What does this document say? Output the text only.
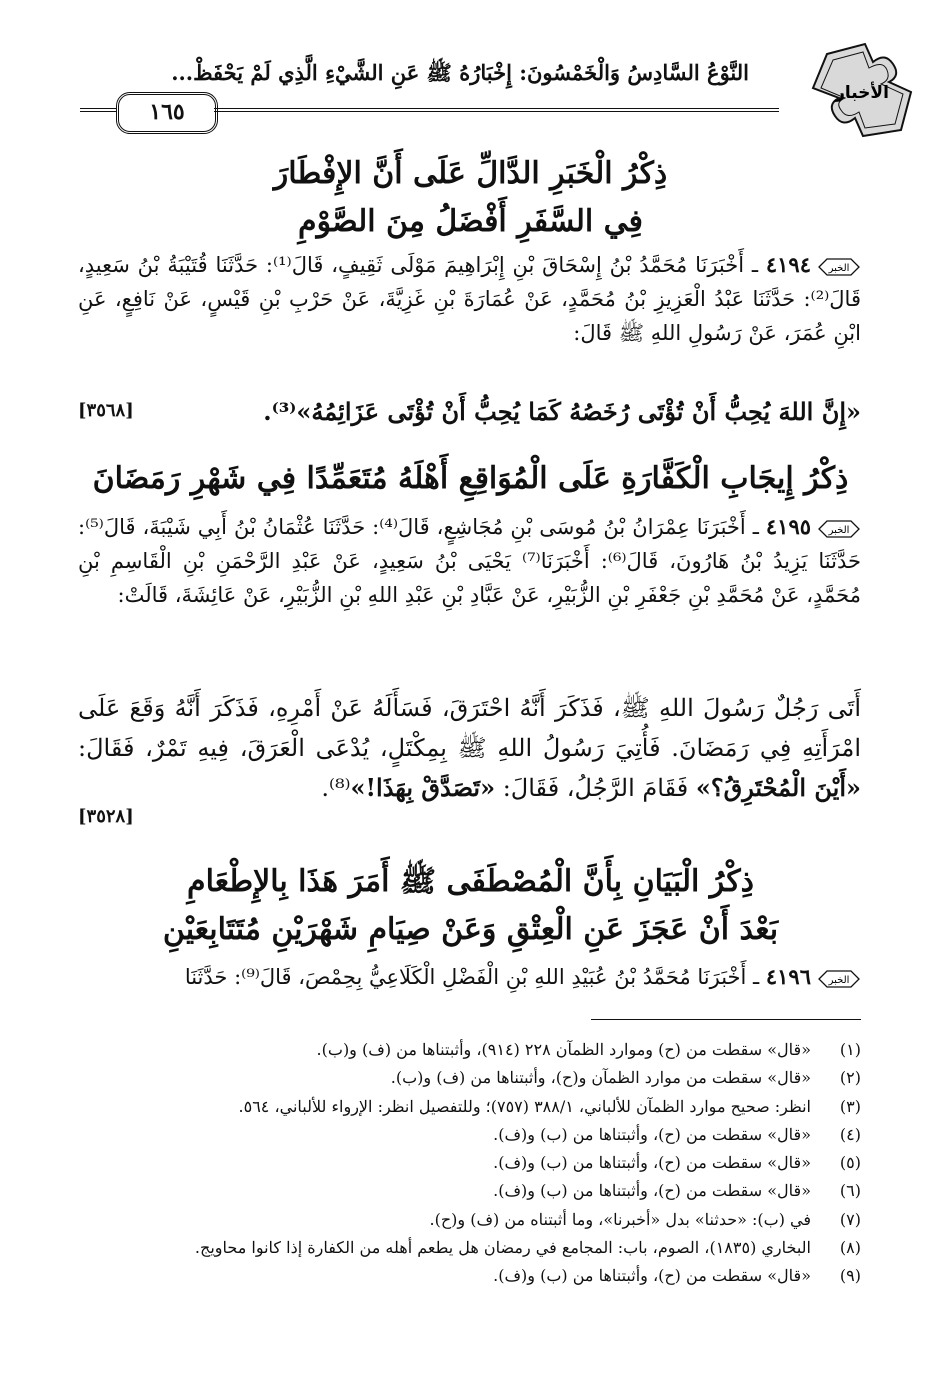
١٦٥
النَّوْعُ السَّادِسُ وَالْخَمْسُونَ: إِخْبَارُهُ ﷺ عَنِ الشَّيْءِ الَّذِي لَمْ يَحْفَظْ...
الأخبار
ذِكْرُ الْخَبَرِ الدَّالِّ عَلَى أَنَّ الإِفْطَارَ
فِي السَّفَرِ أَفْضَلُ مِنَ الصَّوْمِ
الخبر
٤١٩٤ ـ أَخْبَرَنَا مُحَمَّدُ بْنُ إِسْحَاقَ بْنِ إِبْرَاهِيمَ مَوْلَى ثَقِيفٍ، قَالَ⁽¹⁾: حَدَّثَنَا قُتَيْبَةُ بْنُ سَعِيدٍ، قَالَ⁽²⁾: حَدَّثَنَا عَبْدُ الْعَزِيزِ بْنُ مُحَمَّدٍ، عَنْ عُمَارَةَ بْنِ غَزِيَّةَ، عَنْ حَرْبِ بْنِ قَيْسٍ، عَنْ نَافِعٍ، عَنِ ابْنِ عُمَرَ، عَنْ رَسُولِ اللهِ ﷺ قَالَ:
«إِنَّ اللهَ يُحِبُّ أَنْ تُؤْتَى رُخَصُهُ كَمَا يُحِبُّ أَنْ تُؤْتَى عَزَائِمُهُ»⁽³⁾.
[٣٥٦٨]
ذِكْرُ إِيجَابِ الْكَفَّارَةِ عَلَى الْمُوَاقِعِ أَهْلَهُ مُتَعَمِّدًا فِي شَهْرِ رَمَضَانَ
الخبر
٤١٩٥ ـ أَخْبَرَنَا عِمْرَانُ بْنُ مُوسَى بْنِ مُجَاشِعٍ، قَالَ⁽⁴⁾: حَدَّثَنَا عُثْمَانُ بْنُ أَبِي شَيْبَةَ، قَالَ⁽⁵⁾: حَدَّثَنَا يَزِيدُ بْنُ هَارُونَ، قَالَ⁽⁶⁾: أَخْبَرَنَا⁽⁷⁾ يَحْيَى بْنُ سَعِيدٍ، عَنْ عَبْدِ الرَّحْمَنِ بْنِ الْقَاسِمِ بْنِ مُحَمَّدٍ، عَنْ مُحَمَّدِ بْنِ جَعْفَرِ بْنِ الزُّبَيْرِ، عَنْ عَبَّادِ بْنِ عَبْدِ اللهِ بْنِ الزُّبَيْرِ، عَنْ عَائِشَةَ، قَالَتْ:
أَتَى رَجُلٌ رَسُولَ اللهِ ﷺ، فَذَكَرَ أَنَّهُ احْتَرَقَ، فَسَأَلَهُ عَنْ أَمْرِهِ، فَذَكَرَ أَنَّهُ وَقَعَ عَلَى امْرَأَتِهِ فِي رَمَضَانَ. فَأُتِيَ رَسُولُ اللهِ ﷺ بِمِكْتَلٍ، يُدْعَى الْعَرَقَ، فِيهِ تَمْرٌ، فَقَالَ: «أَيْنَ الْمُحْتَرِقُ؟» فَقَامَ الرَّجُلُ، فَقَالَ: «تَصَدَّقْ بِهَذَا!»⁽⁸⁾.
[٣٥٢٨]
ذِكْرُ الْبَيَانِ بِأَنَّ الْمُصْطَفَى ﷺ أَمَرَ هَذَا بِالإِطْعَامِ
بَعْدَ أَنْ عَجَزَ عَنِ الْعِتْقِ وَعَنْ صِيَامِ شَهْرَيْنِ مُتَتَابِعَيْنِ
الخبر
٤١٩٦ ـ أَخْبَرَنَا مُحَمَّدُ بْنُ عُبَيْدِ اللهِ بْنِ الْفَضْلِ الْكَلَاعِيُّ بِحِمْصَ، قَالَ⁽⁹⁾: حَدَّثَنَا
(١)
«قال» سقطت من (ح) وموارد الظمآن ٢٢٨ (٩١٤)، وأثبتناها من (ف) و(ب).
(٢)
«قال» سقطت من موارد الظمآن و(ح)، وأثبتناها من (ف) و(ب).
(٣)
انظر: صحيح موارد الظمآن للألباني، ٣٨٨/١ (٧٥٧)؛ وللتفصيل انظر: الإرواء للألباني، ٥٦٤.
(٤)
«قال» سقطت من (ح)، وأثبتناها من (ب) و(ف).
(٥)
«قال» سقطت من (ح)، وأثبتناها من (ب) و(ف).
(٦)
«قال» سقطت من (ح)، وأثبتناها من (ب) و(ف).
(٧)
في (ب): «حدثنا» بدل «أخبرنا»، وما أثبتناه من (ف) و(ح).
(٨)
البخاري (١٨٣٥)، الصوم، باب: المجامع في رمضان هل يطعم أهله من الكفارة إذا كانوا محاويج.
(٩)
«قال» سقطت من (ح)، وأثبتناها من (ب) و(ف).
